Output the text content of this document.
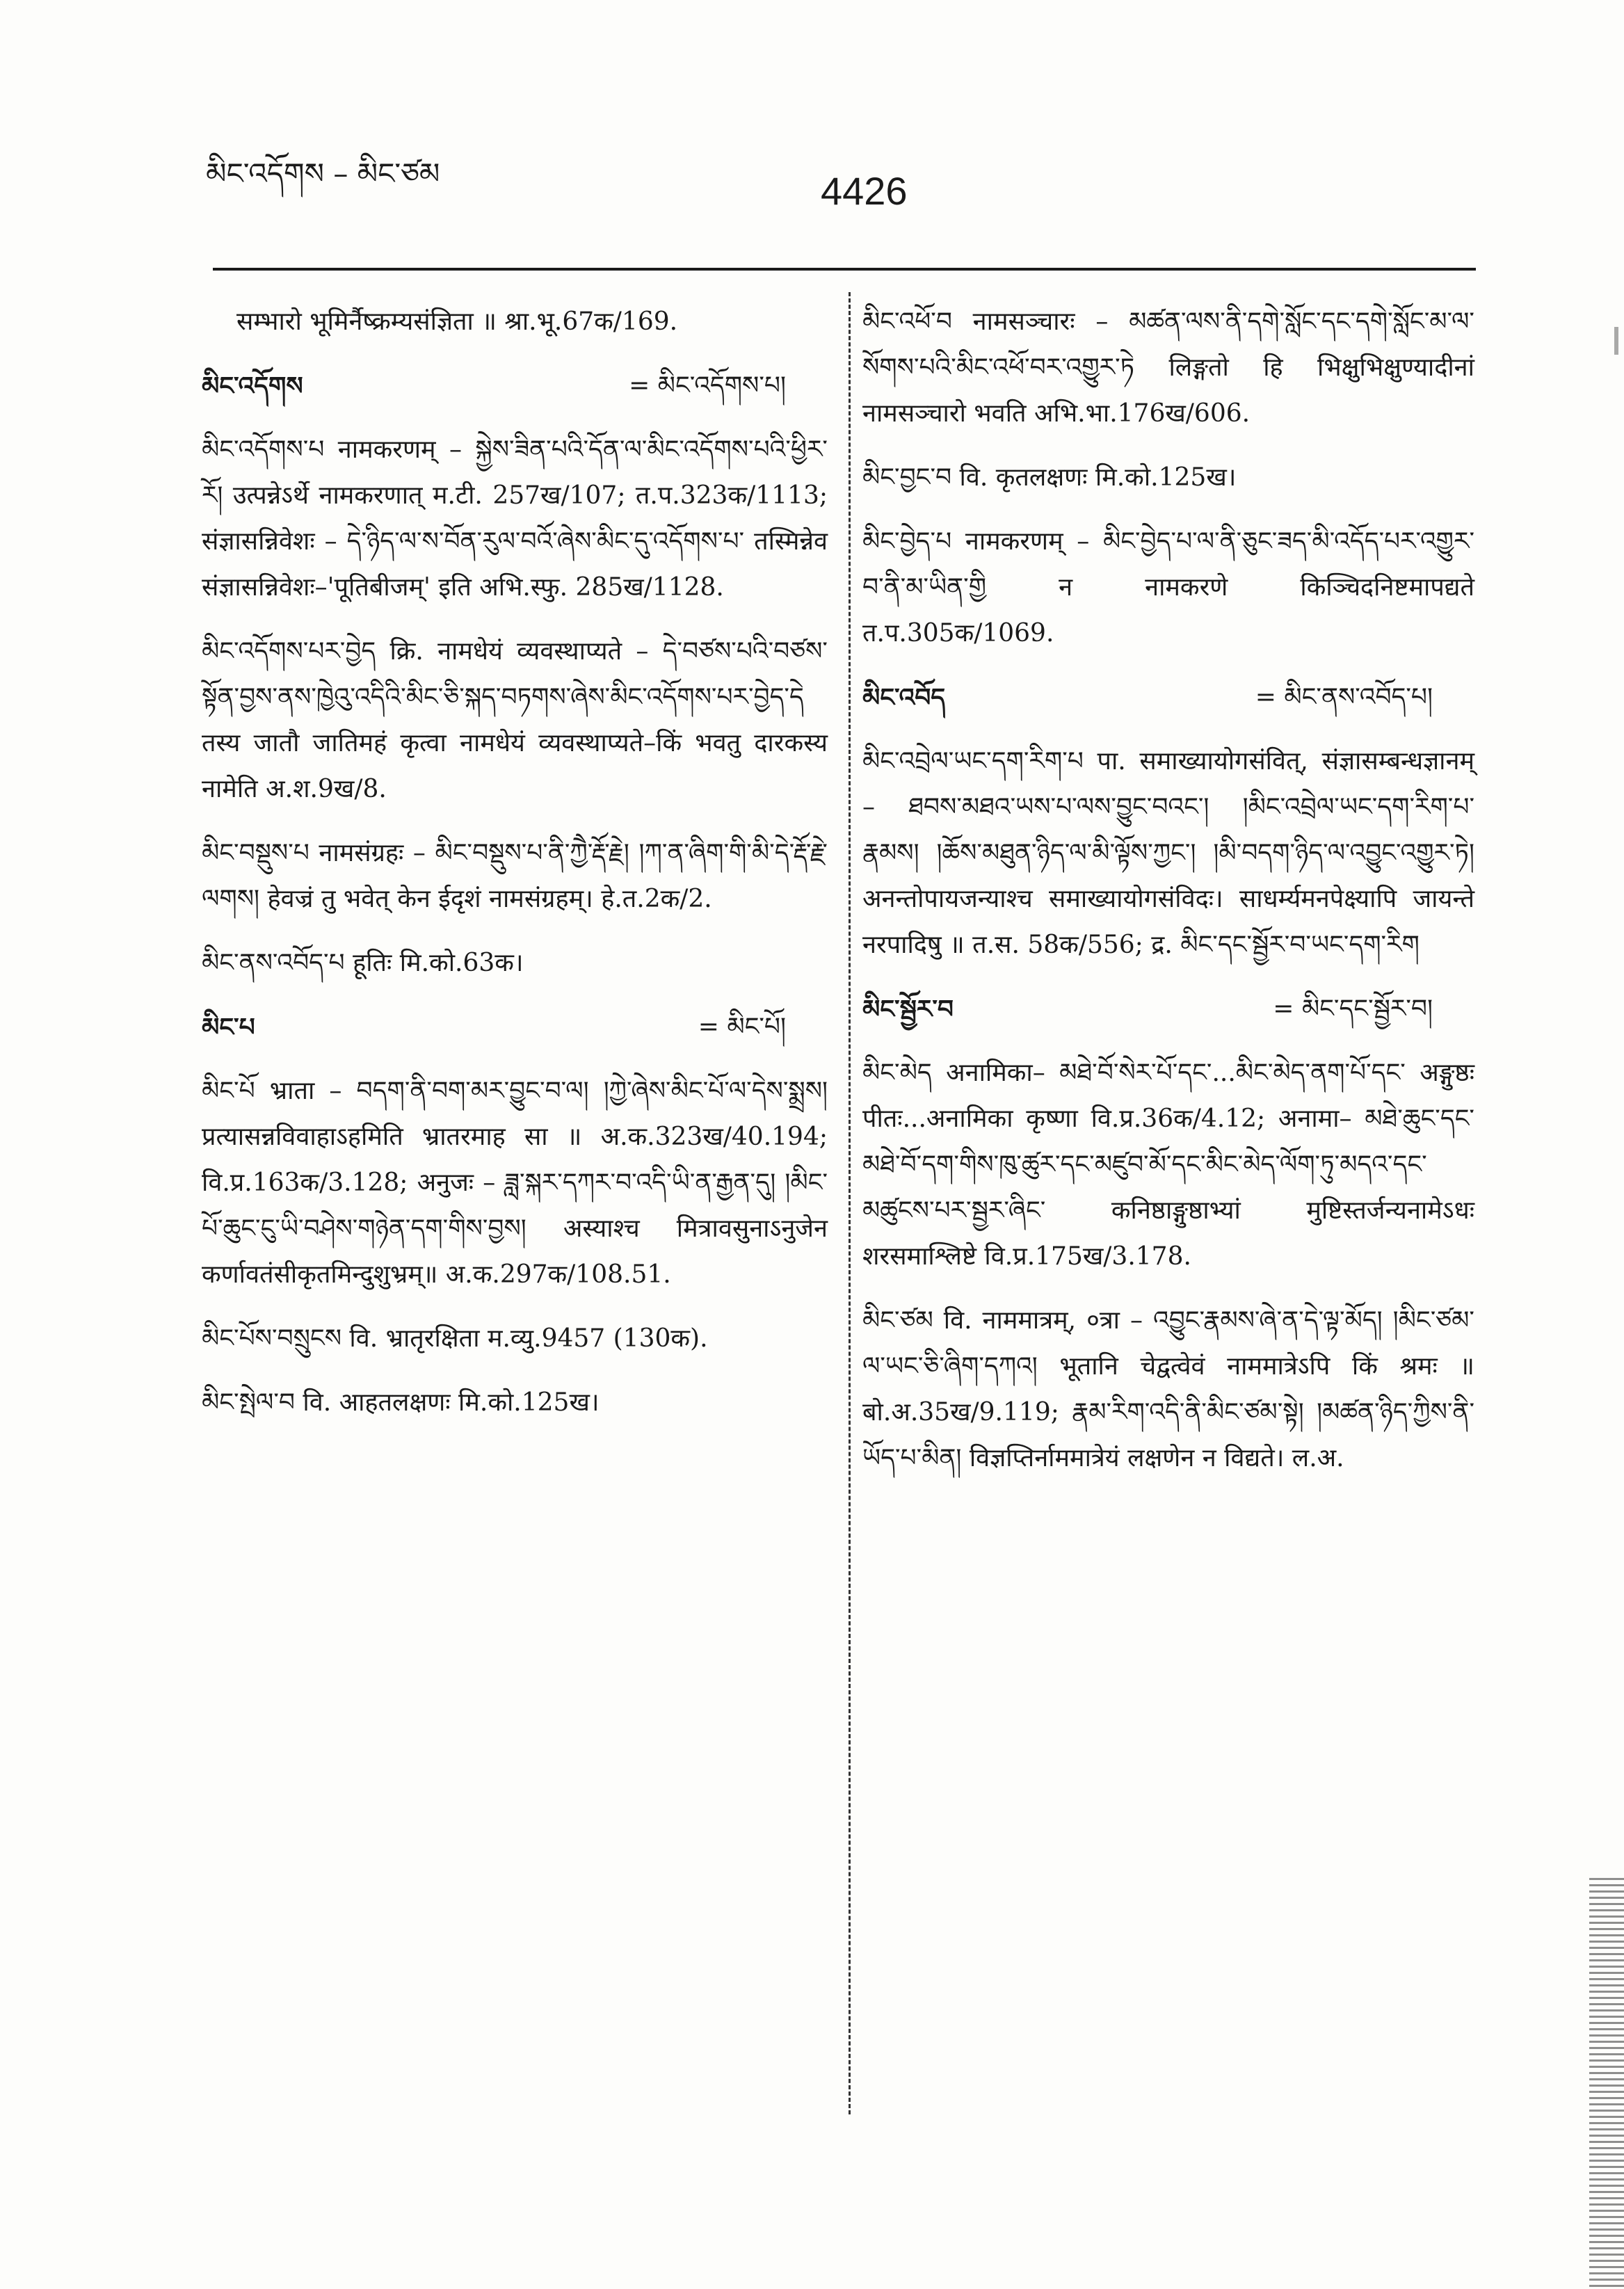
མིང་འདོགས – མིང་ཙམ	4426
सम्भारो भूमिर्नैष्क्रम्यसंज्ञिता ॥ श्रा.भू.67क/169.
མིང་འདོགས	= མིང་འདོགས་པ།
མིང་འདོགས་པ नामकरणम् – སྐྱེས་ཟིན་པའི་དོན་ལ་མིང་འདོགས་པའི་ཕྱིར་རོ། उत्पन्नेऽर्थे नामकरणात् म.टी. 257ख/107; त.प.323क/1113; संज्ञासन्निवेशः – དེ་ཉིད་ལ་ས་བོན་རུལ་བའོ་ཞེས་མིང་དུ་འདོགས་པ་ तस्मिन्नेव संज्ञासन्निवेशः–'पूतिबीजम्' इति अभि.स्फु. 285ख/1128.
མིང་འདོགས་པར་བྱེད क्रि. नामधेयं व्यवस्थाप्यते – དེ་བཙས་པའི་བཙས་སྟོན་བྱས་ནས་ཁྱེའུ་འདིའི་མིང་ཅི་སྐད་བཏགས་ཞེས་མིང་འདོགས་པར་བྱེད་དེ तस्य जातौ जातिमहं कृत्वा नामधेयं व्यवस्थाप्यते–किं भवतु दारकस्य नामेति अ.श.9ख/8.
མིང་བསྡུས་པ नामसंग्रहः – མིང་བསྡུས་པ་ནི་ཀྱཻ་རྡོ་རྗེ། །ཀ་ན་ཞིག་གི་མི་དེ་རྡོ་རྗེ་ལགས། हेवज्रं तु भवेत् केन ईदृशं नामसंग्रहम्। हे.त.2क/2.
མིང་ནས་འབོད་པ हूतिः मि.को.63क।
མིང་པ	= མིང་པོ།
མིང་པོ भ्राता – བདག་ནི་བག་མར་བྱུང་བ་ལ། །ཀྱེ་ཞེས་མིང་པོ་ལ་དེས་སྨྲས། प्रत्यासन्नविवाहाऽहमिति भ्रातरमाह सा ॥ अ.क.323ख/40.194; वि.प्र.163क/3.128; अनुजः – ཟླ་སྐར་དཀར་བ་འདི་ཡི་ན་རྒྱན་དུ། །མིང་པོ་ཆུང་ངུ་ཡི་བཤེས་གཉེན་དག་གིས་བྱས། अस्याश्च मित्रावसुनाऽनुजेन कर्णावतंसीकृतमिन्दुशुभ्रम्॥ अ.क.297क/108.51.
མིང་པོས་བསྲུངས वि. भ्रातृरक्षिता म.व्यु.9457 (130क).
མིང་སྤེལ་བ वि. आहतलक्षणः मि.को.125ख।
མིང་འཕོ་བ नामसञ्चारः – མཚན་ལས་ནི་དགེ་སློང་དང་དགེ་སློང་མ་ལ་སོགས་པའི་མིང་འཕོ་བར་འགྱུར་ཏེ लिङ्गतो हि भिक्षुभिक्षुण्यादीनां नामसञ्चारो भवति अभि.भा.176ख/606.
མིང་བྱང་བ वि. कृतलक्षणः मि.को.125ख।
མིང་བྱེད་པ नामकरणम् – མིང་བྱེད་པ་ལ་ནི་ཅུང་ཟད་མི་འདོད་པར་འགྱུར་བ་ནི་མ་ཡིན་གྱི न नामकरणे किञ्चिदनिष्टमापद्यते त.प.305क/1069.
མིང་འབོད	= མིང་ནས་འབོད་པ།
མིང་འབྲེལ་ཡང་དག་རིག་པ पा. समाख्यायोगसंवित्, संज्ञासम्बन्धज्ञानम् – ཐབས་མཐའ་ཡས་པ་ལས་བྱུང་བའང་། །མིང་འབྲེལ་ཡང་དག་རིག་པ་རྣམས། །ཆོས་མཐུན་ཉིད་ལ་མི་ལྟོས་ཀྱང་། །མི་བདག་ཉིད་ལ་འབྱུང་འགྱུར་ཏེ། अनन्तोपायजन्याश्च समाख्यायोगसंविदः। साधर्म्यमनपेक्ष्यापि जायन्ते नरपादिषु ॥ त.स. 58क/556; द्र. མིང་དང་སྦྱོར་བ་ཡང་དག་རིག
མིང་སྦྱོར་བ	= མིང་དང་སྦྱོར་བ།
མིང་མེད अनामिका– མཐེ་བོ་སེར་པོ་དང་...མིང་མེད་ནག་པོ་དང་ अङ्गुष्ठः पीतः...अनामिका कृष्णा वि.प्र.36क/4.12; अनामा– མཐེ་ཆུང་དང་མཐེ་བོ་དག་གིས་ཁུ་ཚུར་དང་མཛུབ་མོ་དང་མིང་མེད་ལོག་ཏུ་མདའ་དང་མཚུངས་པར་སྦྱར་ཞིང་ कनिष्ठाङ्गुष्ठाभ्यां मुष्टिस्तर्जन्यनामेऽधः शरसमाश्लिष्टे वि.प्र.175ख/3.178.
མིང་ཙམ वि. नाममात्रम्, ०त्रा – འབྱུང་རྣམས་ཞེ་ན་དེ་ལྟ་མོད། །མིང་ཙམ་ལ་ཡང་ཅི་ཞིག་དཀའ། भूतानि चेद्वत्वेवं नाममात्रेऽपि किं श्रमः ॥ बो.अ.35ख/9.119; རྣམ་རིག་འདི་ནི་མིང་ཙམ་སྟེ། །མཚན་ཉིད་ཀྱིས་ནི་ཡོད་པ་མིན། विज्ञप्तिर्नाममात्रेयं लक्षणेन न विद्यते। ल.अ.
